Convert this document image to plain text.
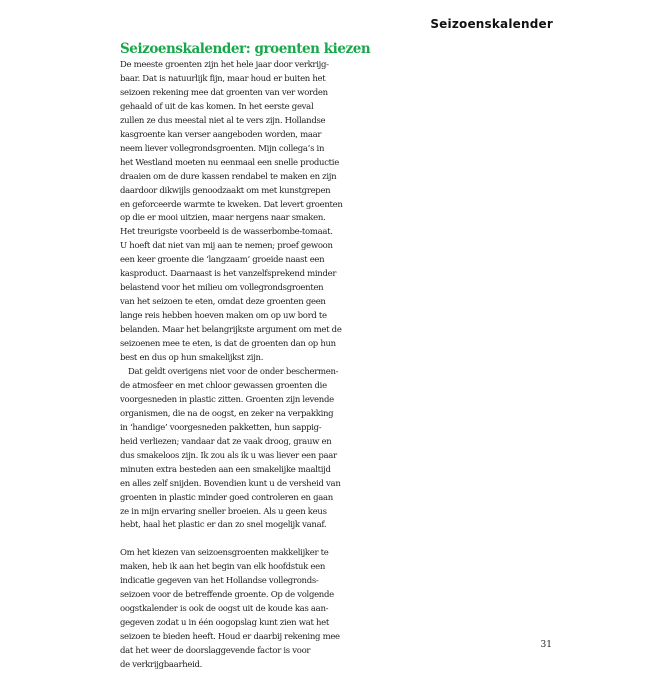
Seizoenskalender
Seizoenskalender: groenten kiezen

De meeste groenten zijn het hele jaar door verkrijg-
baar. Dat is natuurlijk fijn, maar houd er buiten het
seizoen rekening mee dat groenten van ver worden
gehaald of uit de kas komen. In het eerste geval
zullen ze dus meestal niet al te vers zijn. Hollandse
kasgroente kan verser aangeboden worden, maar
neem liever vollegrondsgroenten. Mijn collega’s in
het Westland moeten nu eenmaal een snelle productie
draaien om de dure kassen rendabel te maken en zijn
daardoor dikwijls genoodzaakt om met kunstgrepen
en geforceerde warmte te kweken. Dat levert groenten
op die er mooi uitzien, maar nergens naar smaken.
Het treurigste voorbeeld is de wasserbombe-tomaat.
U hoeft dat niet van mij aan te nemen; proef gewoon
een keer groente die ‘langzaam’ groeide naast een
kasproduct. Daarnaast is het vanzelfsprekend minder
belastend voor het milieu om vollegrondsgroenten
van het seizoen te eten, omdat deze groenten geen
lange reis hebben hoeven maken om op uw bord te
belanden. Maar het belangrijkste argument om met de
seizoenen mee te eten, is dat de groenten dan op hun
best en dus op hun smakelijkst zijn.

Dat geldt overigens niet voor de onder beschermen-
de atmosfeer en met chloor gewassen groenten die
voorgesneden in plastic zitten. Groenten zijn levende
organismen, die na de oogst, en zeker na verpakking
in ‘handige’ voorgesneden pakketten, hun sappig-
heid verliezen; vandaar dat ze vaak droog, grauw en
dus smakeloos zijn. Ik zou als ik u was liever een paar
minuten extra besteden aan een smakelijke maaltijd
en alles zelf snijden. Bovendien kunt u de versheid van
groenten in plastic minder goed controleren en gaan
ze in mijn ervaring sneller broeien. Als u geen keus
hebt, haal het plastic er dan zo snel mogelijk vanaf.

Om het kiezen van seizoensgroenten makkelijker te
maken, heb ik aan het begin van elk hoofdstuk een
indicatie gegeven van het Hollandse vollegronds-
seizoen voor de betreffende groente. Op de volgende
oogstkalender is ook de oogst uit de koude kas aan-
gegeven zodat u in één oogopslag kunt zien wat het
seizoen te bieden heeft. Houd er daarbij rekening mee
dat het weer de doorslaggevende factor is voor
de verkrijgbaarheid.

31
